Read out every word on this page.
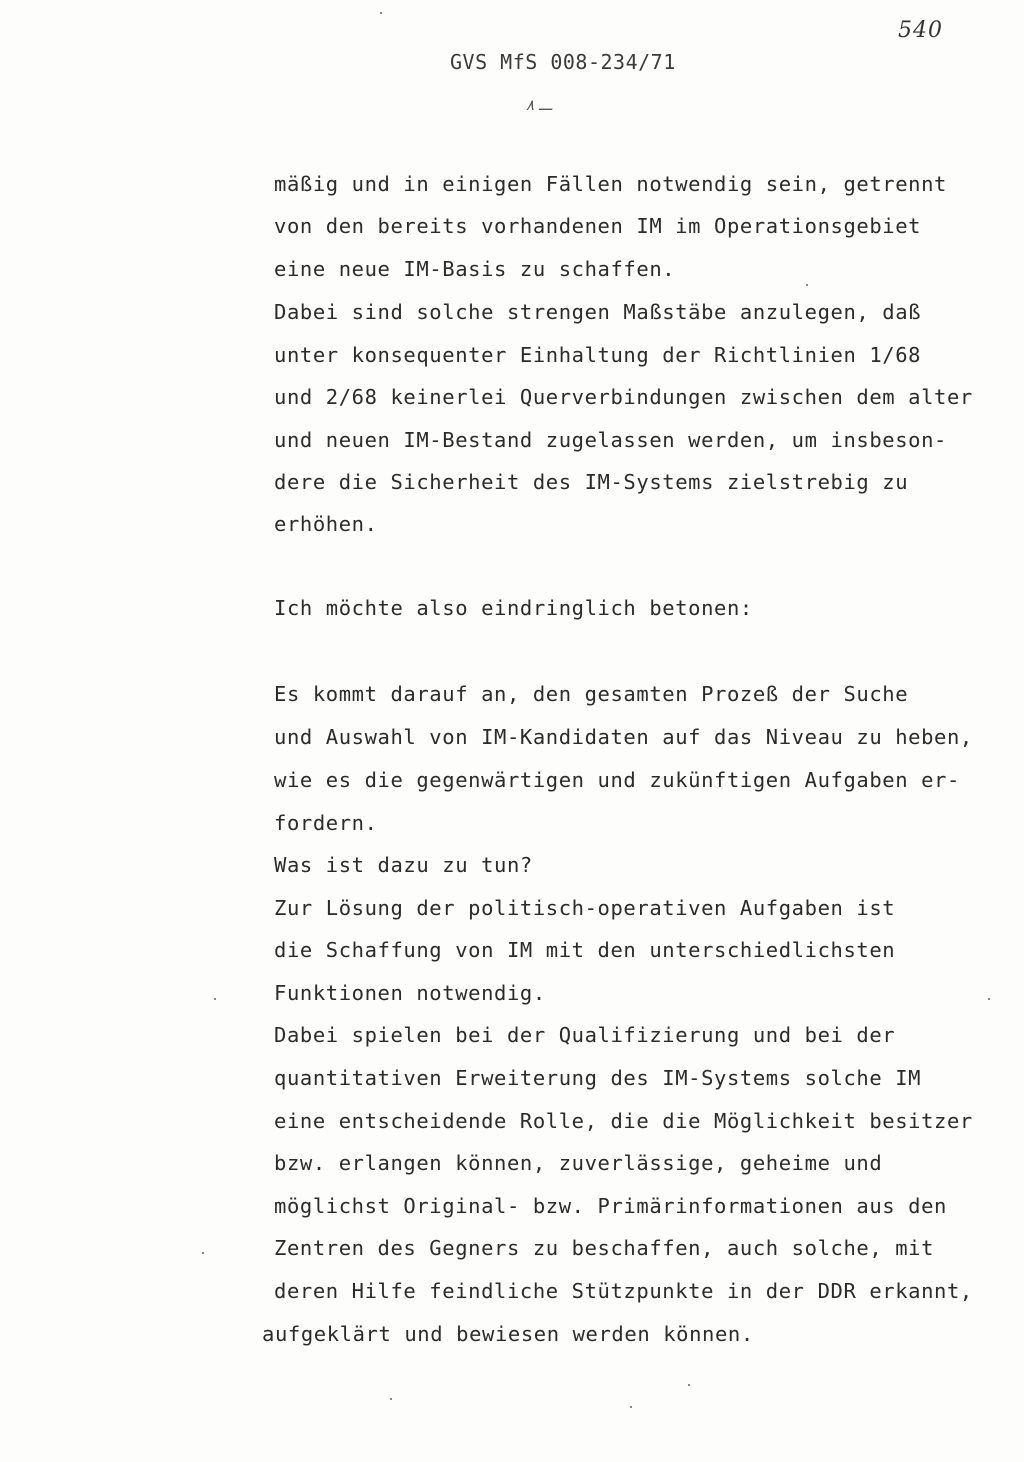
540
GVS MfS 008-234/71
ـــ ٨
mäßig und in einigen Fällen notwendig sein, getrennt
von den bereits vorhandenen IM im Operationsgebiet
eine neue IM-Basis zu schaffen.
Dabei sind solche strengen Maßstäbe anzulegen, daß
unter konsequenter Einhaltung der Richtlinien 1/68
und 2/68 keinerlei Querverbindungen zwischen dem alter
und neuen IM-Bestand zugelassen werden, um insbeson-
dere die Sicherheit des IM-Systems zielstrebig zu
erhöhen.
Ich möchte also eindringlich betonen:
Es kommt darauf an, den gesamten Prozeß der Suche
und Auswahl von IM-Kandidaten auf das Niveau zu heben,
wie es die gegenwärtigen und zukünftigen Aufgaben er-
fordern.
Was ist dazu zu tun?
Zur Lösung der politisch-operativen Aufgaben ist
die Schaffung von IM mit den unterschiedlichsten
Funktionen notwendig.
Dabei spielen bei der Qualifizierung und bei der
quantitativen Erweiterung des IM-Systems solche IM
eine entscheidende Rolle, die die Möglichkeit besitzer
bzw. erlangen können, zuverlässige, geheime und
möglichst Original- bzw. Primärinformationen aus den
Zentren des Gegners zu beschaffen, auch solche, mit
deren Hilfe feindliche Stützpunkte in der DDR erkannt,
aufgeklärt und bewiesen werden können.
